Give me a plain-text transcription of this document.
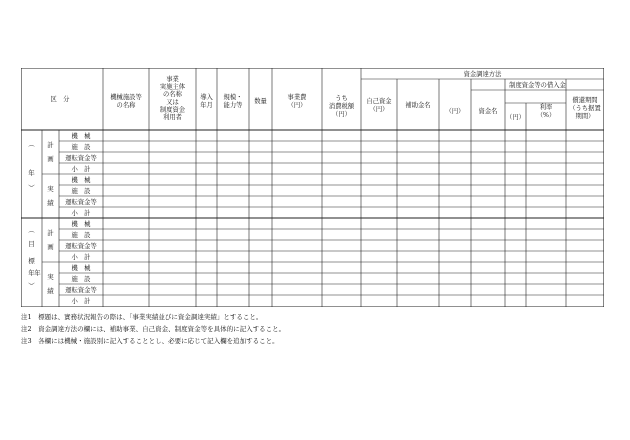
区　分	機械施設等
の名称
事業
実施主体
の名称
又は
制度資金
利用者
導入
年月
規模・
能力等
数量
事業費
（円）
うち
消費税額
（円）
資金調達方法
自己資金
（円）
補助金名
（円）
制度資金等の借入金
資金名
（円）
利率
（%）
償還期間
（うち据置
期間）
︵
年
︶
計
画
機　械
施　設
運転資金等
小　計
実
績
機　械
施　設
運転資金等
小　計
年
︵
目
標
年
︶
計
画
機　械
施　設
運転資金等
小　計
実
績
機　械
施　設
運転資金等
小　計
注1　標題は、實務状況報告の際は、「事業実績並びに資金調達実績」とすること。
注2　資金調達方法の欄には、補助事業、自己資金、制度資金等を具体的に記入すること。
注3　各欄には機械・施設別に記入することとし、必要に応じて記入欄を追加すること。
